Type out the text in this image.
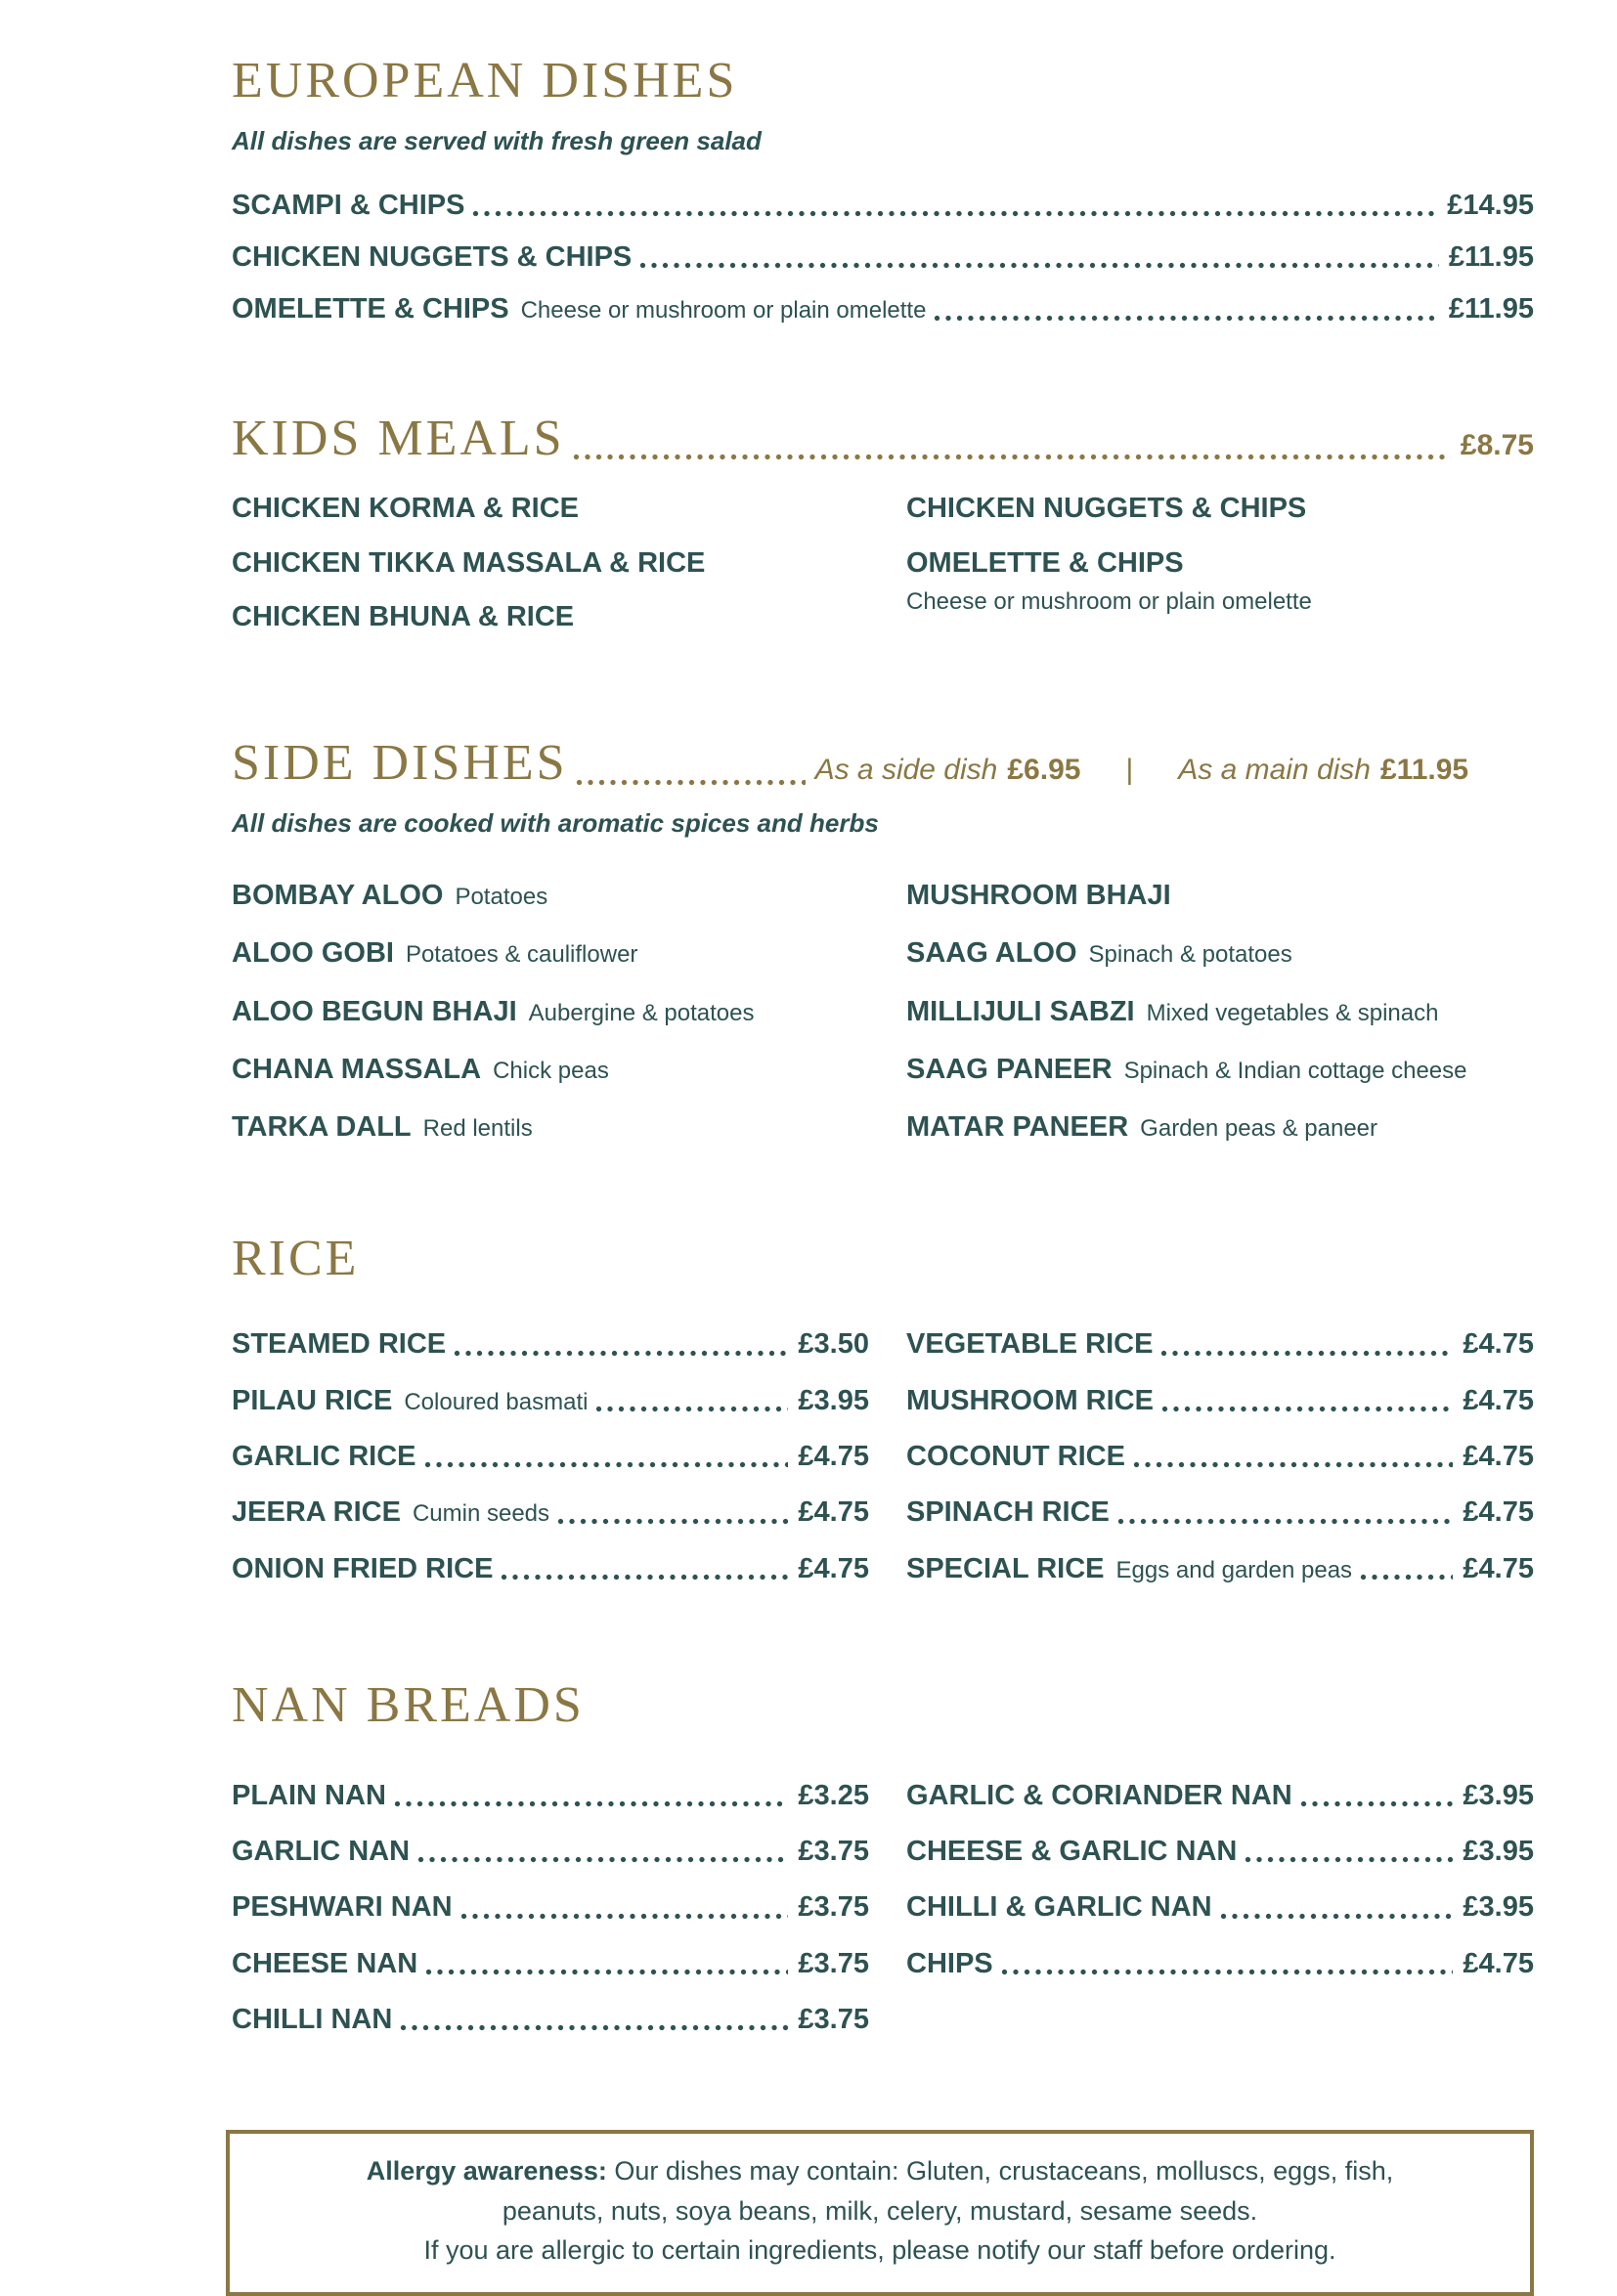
EUROPEAN DISHES
All dishes are served with fresh green salad
SCAMPI & CHIPS	£14.95
CHICKEN NUGGETS & CHIPS	£11.95
OMELETTE & CHIPS Cheese or mushroom or plain omelette	£11.95
KIDS MEALS	£8.75
CHICKEN KORMA & RICE
CHICKEN TIKKA MASSALA & RICE
CHICKEN BHUNA & RICE
CHICKEN NUGGETS & CHIPS
OMELETTE & CHIPS
Cheese or mushroom or plain omelette
SIDE DISHES	As a side dish £6.95 | As a main dish £11.95
All dishes are cooked with aromatic spices and herbs
BOMBAY ALOO Potatoes
ALOO GOBI Potatoes & cauliflower
ALOO BEGUN BHAJI Aubergine & potatoes
CHANA MASSALA Chick peas
TARKA DALL Red lentils
MUSHROOM BHAJI
SAAG ALOO Spinach & potatoes
MILLIJULI SABZI Mixed vegetables & spinach
SAAG PANEER Spinach & Indian cottage cheese
MATAR PANEER Garden peas & paneer
RICE
STEAMED RICE	£3.50
PILAU RICE Coloured basmati	£3.95
GARLIC RICE	£4.75
JEERA RICE Cumin seeds	£4.75
ONION FRIED RICE	£4.75
VEGETABLE RICE	£4.75
MUSHROOM RICE	£4.75
COCONUT RICE	£4.75
SPINACH RICE	£4.75
SPECIAL RICE Eggs and garden peas	£4.75
NAN BREADS
PLAIN NAN	£3.25
GARLIC NAN	£3.75
PESHWARI NAN	£3.75
CHEESE NAN	£3.75
CHILLI NAN	£3.75
GARLIC & CORIANDER NAN	£3.95
CHEESE & GARLIC NAN	£3.95
CHILLI & GARLIC NAN	£3.95
CHIPS	£4.75
Allergy awareness: Our dishes may contain: Gluten, crustaceans, molluscs, eggs, fish,
peanuts, nuts, soya beans, milk, celery, mustard, sesame seeds.
If you are allergic to certain ingredients, please notify our staff before ordering.
